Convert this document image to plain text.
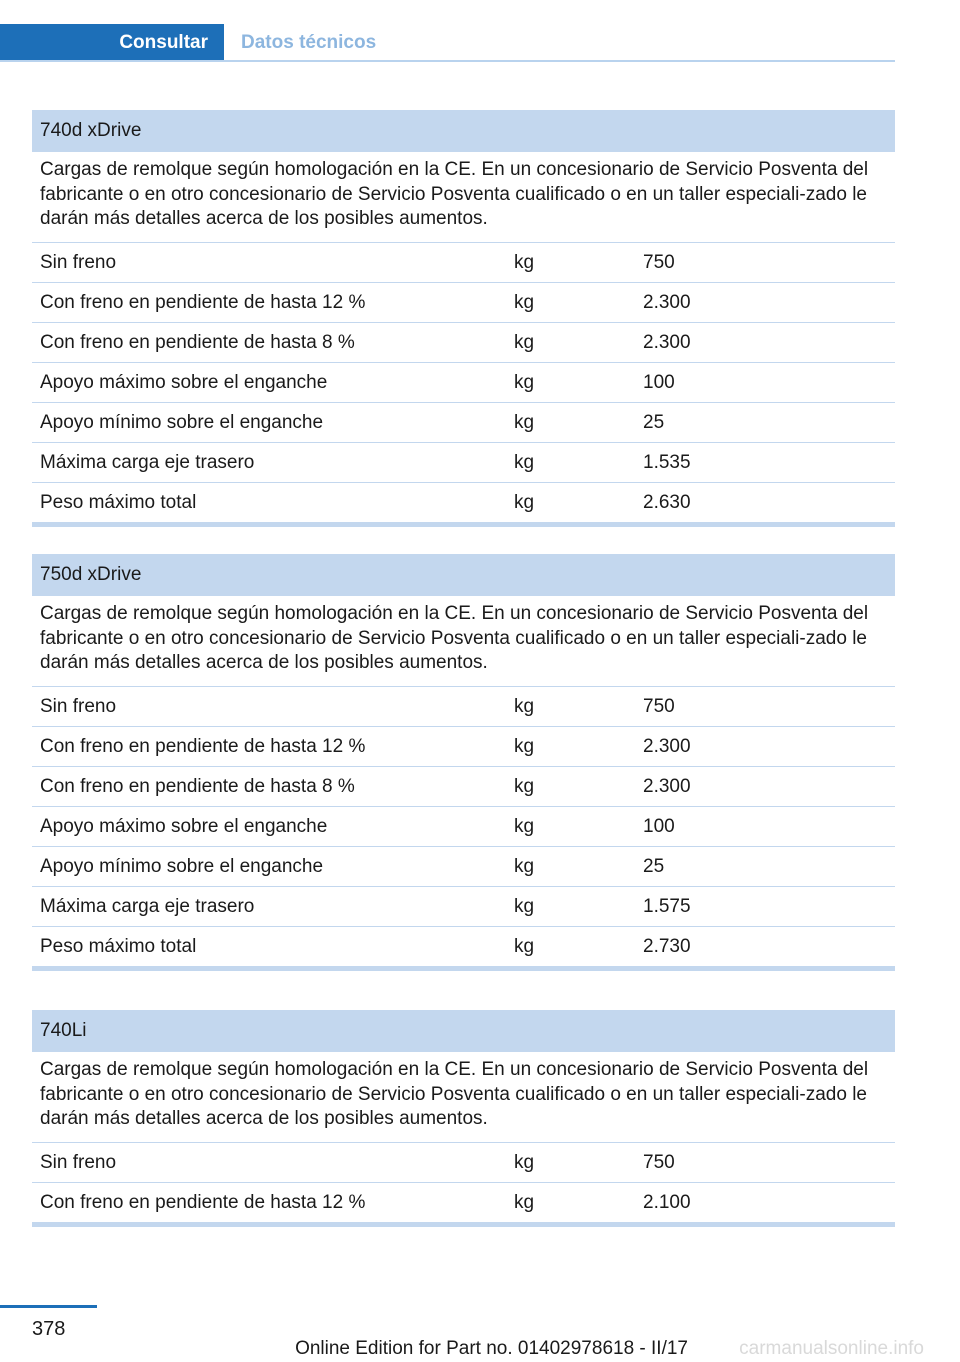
Consultar	Datos técnicos
740d xDrive
Cargas de remolque según homologación en la CE. En un concesionario de Servicio Posventa del fabricante o en otro concesionario de Servicio Posventa cualificado o en un taller especiali‐zado le darán más detalles acerca de los posibles aumentos.
Sin freno	kg	750
Con freno en pendiente de hasta 12 %	kg	2.300
Con freno en pendiente de hasta 8 %	kg	2.300
Apoyo máximo sobre el enganche	kg	100
Apoyo mínimo sobre el enganche	kg	25
Máxima carga eje trasero	kg	1.535
Peso máximo total	kg	2.630
750d xDrive
Cargas de remolque según homologación en la CE. En un concesionario de Servicio Posventa del fabricante o en otro concesionario de Servicio Posventa cualificado o en un taller especiali‐zado le darán más detalles acerca de los posibles aumentos.
Sin freno	kg	750
Con freno en pendiente de hasta 12 %	kg	2.300
Con freno en pendiente de hasta 8 %	kg	2.300
Apoyo máximo sobre el enganche	kg	100
Apoyo mínimo sobre el enganche	kg	25
Máxima carga eje trasero	kg	1.575
Peso máximo total	kg	2.730
740Li
Cargas de remolque según homologación en la CE. En un concesionario de Servicio Posventa del fabricante o en otro concesionario de Servicio Posventa cualificado o en un taller especiali‐zado le darán más detalles acerca de los posibles aumentos.
Sin freno	kg	750
Con freno en pendiente de hasta 12 %	kg	2.100
378
Online Edition for Part no. 01402978618 - II/17	carmanualsonline.info
